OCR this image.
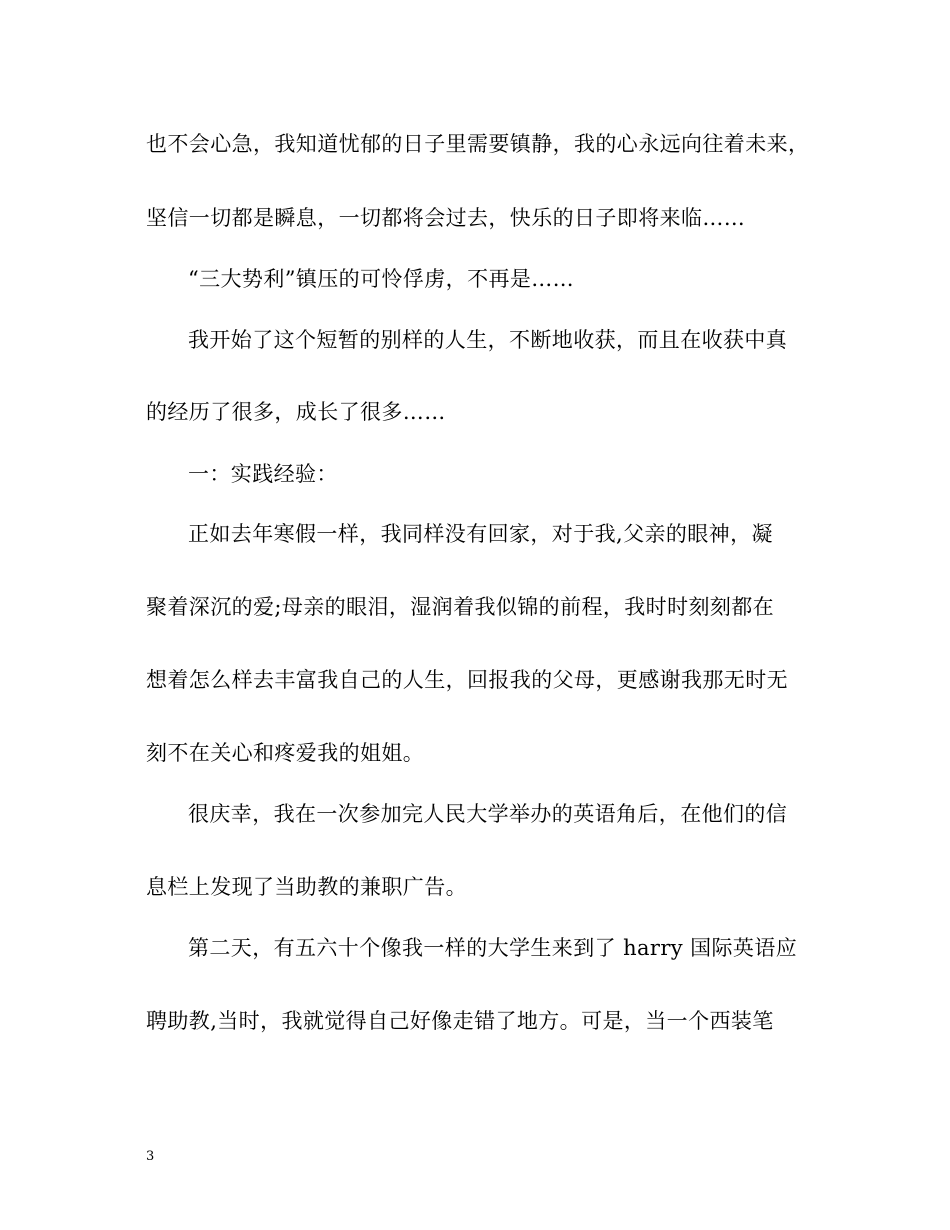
也不会心急，我知道忧郁的日子里需要镇静，我的心永远向往着未来，
坚信一切都是瞬息，一切都将会过去，快乐的日子即将来临……
“三大势利”镇压的可怜俘虏，不再是……
我开始了这个短暂的别样的人生，不断地收获，而且在收获中真
的经历了很多，成长了很多……
一：实践经验：
正如去年寒假一样，我同样没有回家，对于我,父亲的眼神，凝
聚着深沉的爱;母亲的眼泪，湿润着我似锦的前程，我时时刻刻都在
想着怎么样去丰富我自己的人生，回报我的父母，更感谢我那无时无
刻不在关心和疼爱我的姐姐。
很庆幸，我在一次参加完人民大学举办的英语角后，在他们的信
息栏上发现了当助教的兼职广告。
第二天，有五六十个像我一样的大学生来到了 harry 国际英语应
聘助教,当时，我就觉得自己好像走错了地方。可是，当一个西装笔
3
